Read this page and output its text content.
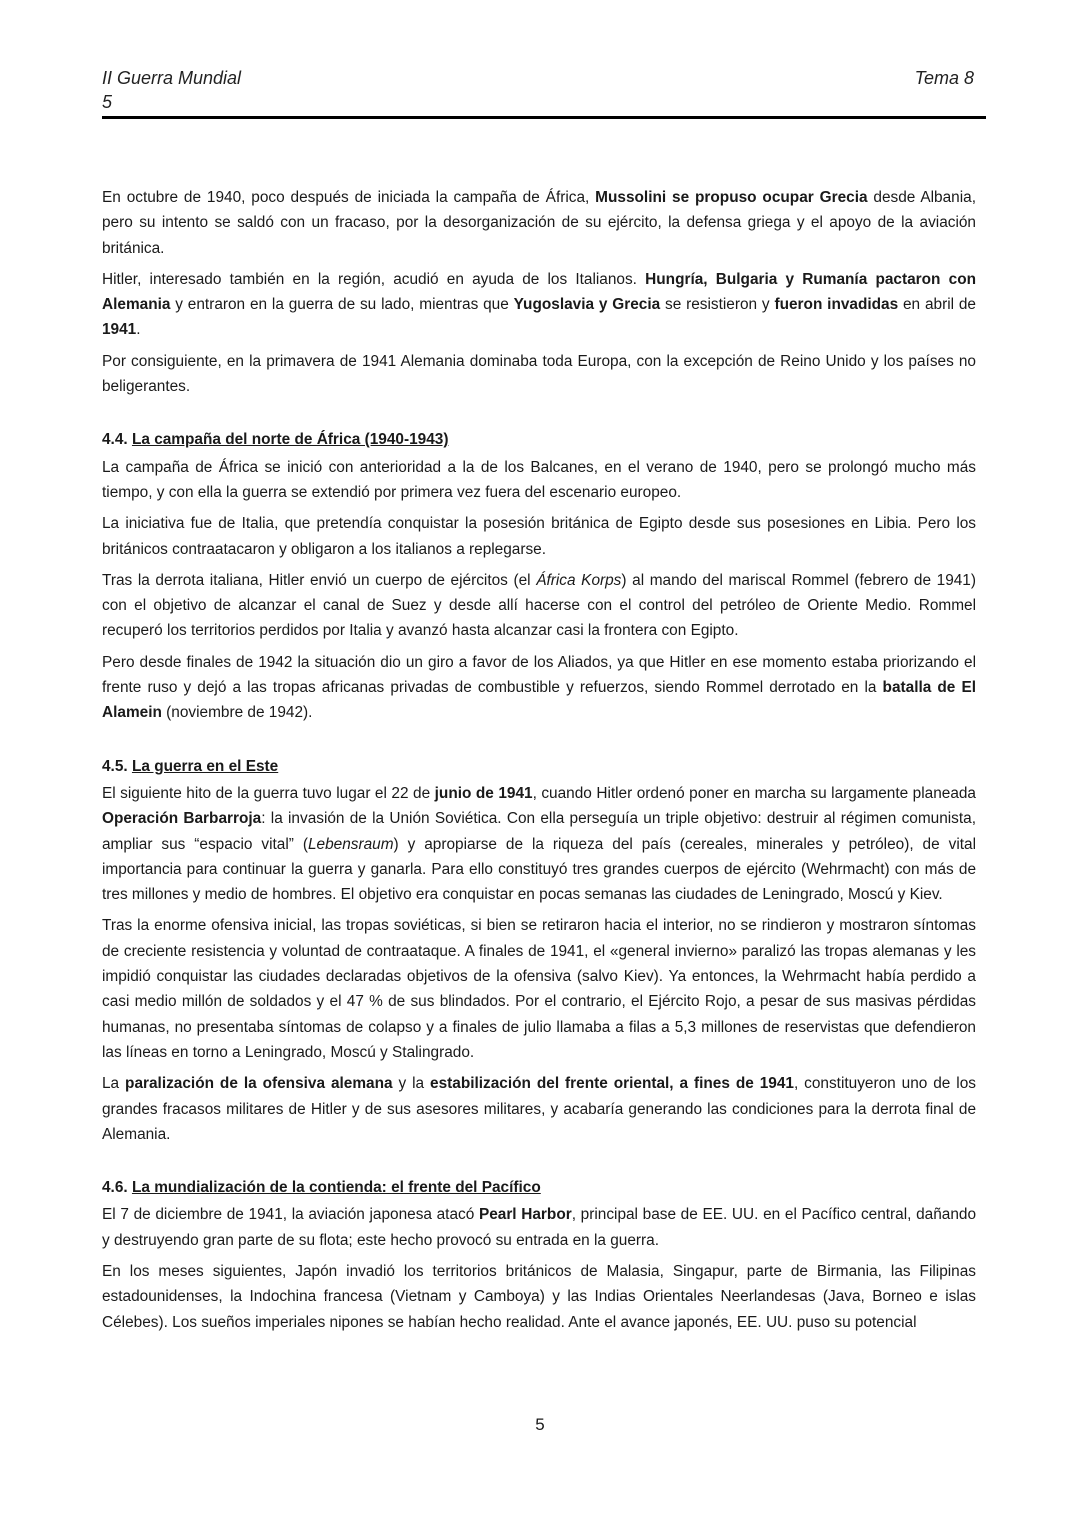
II Guerra Mundial
5
Tema 8

En octubre de 1940, poco después de iniciada la campaña de África, Mussolini se propuso ocupar Grecia desde Albania, pero su intento se saldó con un fracaso, por la desorganización de su ejército, la defensa griega y el apoyo de la aviación británica.

Hitler, interesado también en la región, acudió en ayuda de los Italianos. Hungría, Bulgaria y Rumanía pactaron con Alemania y entraron en la guerra de su lado, mientras que Yugoslavia y Grecia se resistieron y fueron invadidas en abril de 1941.

Por consiguiente, en la primavera de 1941 Alemania dominaba toda Europa, con la excepción de Reino Unido y los países no beligerantes.

4.4. La campaña del norte de África (1940-1943)

La campaña de África se inició con anterioridad a la de los Balcanes, en el verano de 1940, pero se prolongó mucho más tiempo, y con ella la guerra se extendió por primera vez fuera del escenario europeo.

La iniciativa fue de Italia, que pretendía conquistar la posesión británica de Egipto desde sus posesiones en Libia. Pero los británicos contraatacaron y obligaron a los italianos a replegarse.

Tras la derrota italiana, Hitler envió un cuerpo de ejércitos (el África Korps) al mando del mariscal Rommel (febrero de 1941) con el objetivo de alcanzar el canal de Suez y desde allí hacerse con el control del petróleo de Oriente Medio. Rommel recuperó los territorios perdidos por Italia y avanzó hasta alcanzar casi la frontera con Egipto.

Pero desde finales de 1942 la situación dio un giro a favor de los Aliados, ya que Hitler en ese momento estaba priorizando el frente ruso y dejó a las tropas africanas privadas de combustible y refuerzos, siendo Rommel derrotado en la batalla de El Alamein (noviembre de 1942).

4.5. La guerra en el Este

El siguiente hito de la guerra tuvo lugar el 22 de junio de 1941, cuando Hitler ordenó poner en marcha su largamente planeada Operación Barbarroja: la invasión de la Unión Soviética. Con ella perseguía un triple objetivo: destruir al régimen comunista, ampliar sus “espacio vital” (Lebensraum) y apropiarse de la riqueza del país (cereales, minerales y petróleo), de vital importancia para continuar la guerra y ganarla. Para ello constituyó tres grandes cuerpos de ejército (Wehrmacht) con más de tres millones y medio de hombres. El objetivo era conquistar en pocas semanas las ciudades de Leningrado, Moscú y Kiev.

Tras la enorme ofensiva inicial, las tropas soviéticas, si bien se retiraron hacia el interior, no se rindieron y mostraron síntomas de creciente resistencia y voluntad de contraataque. A finales de 1941, el «general invierno» paralizó las tropas alemanas y les impidió conquistar las ciudades declaradas objetivos de la ofensiva (salvo Kiev). Ya entonces, la Wehrmacht había perdido a casi medio millón de soldados y el 47 % de sus blindados. Por el contrario, el Ejército Rojo, a pesar de sus masivas pérdidas humanas, no presentaba síntomas de colapso y a finales de julio llamaba a filas a 5,3 millones de reservistas que defendieron las líneas en torno a Leningrado, Moscú y Stalingrado.

La paralización de la ofensiva alemana y la estabilización del frente oriental, a fines de 1941, constituyeron uno de los grandes fracasos militares de Hitler y de sus asesores militares, y acabaría generando las condiciones para la derrota final de Alemania.

4.6. La mundialización de la contienda: el frente del Pacífico

El 7 de diciembre de 1941, la aviación japonesa atacó Pearl Harbor, principal base de EE. UU. en el Pacífico central, dañando y destruyendo gran parte de su flota; este hecho provocó su entrada en la guerra.

En los meses siguientes, Japón invadió los territorios británicos de Malasia, Singapur, parte de Birmania, las Filipinas estadounidenses, la Indochina francesa (Vietnam y Camboya) y las Indias Orientales Neerlandesas (Java, Borneo e islas Célebes). Los sueños imperiales nipones se habían hecho realidad. Ante el avance japonés, EE. UU. puso su potencial

5
